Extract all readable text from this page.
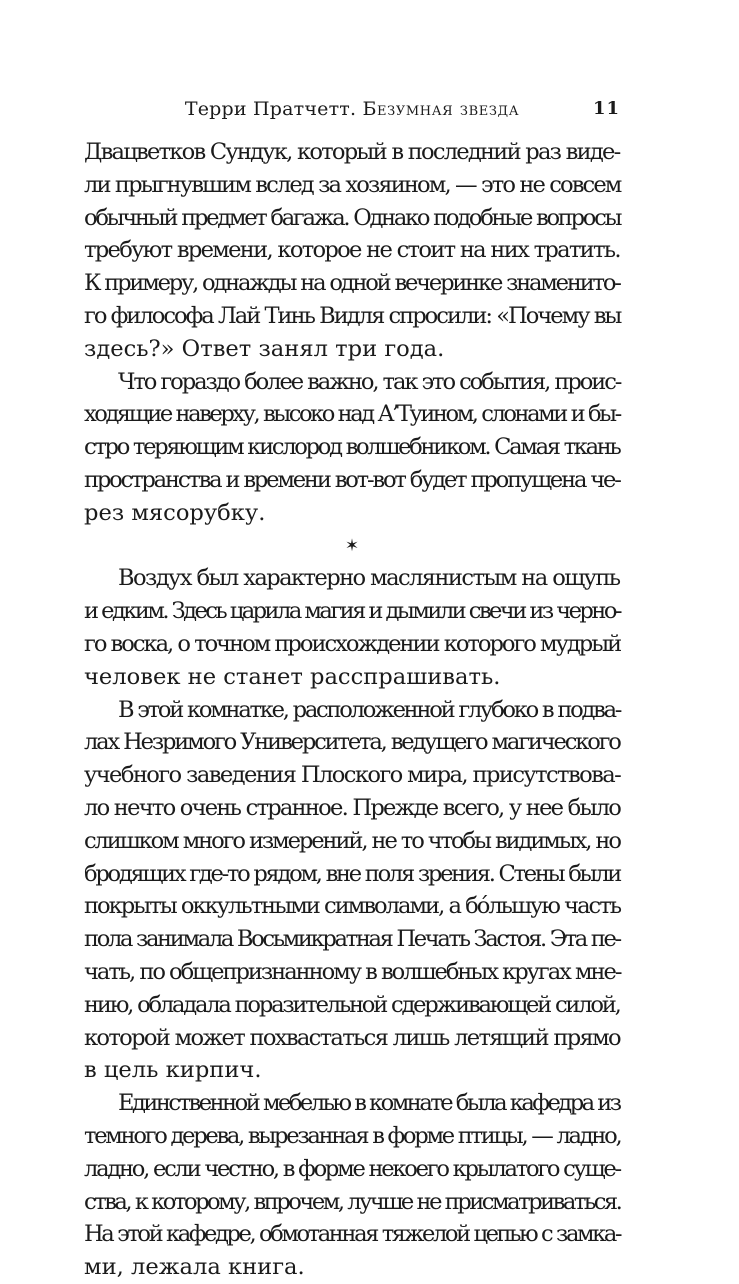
Терри Пратчетт. Безумная звезда	11

Двацветков Сундук, который в последний раз виде-
ли прыгнувшим вслед за хозяином, — это не совсем
обычный предмет багажа. Однако подобные вопросы
требуют времени, которое не стоит на них тратить.
К примеру, однажды на одной вечеринке знаменито-
го философа Лай Тинь Видля спросили: «Почему вы
здесь?» Ответ занял три года.

Что гораздо более важно, так это события, проис-
ходящие наверху, высоко над А’Туином, слонами и бы-
стро теряющим кислород волшебником. Самая ткань
пространства и времени вот-вот будет пропущена че-
рез мясорубку.

✶

Воздух был характерно маслянистым на ощупь
и едким. Здесь царила магия и дымили свечи из черно-
го воска, о точном происхождении которого мудрый
человек не станет расспрашивать.

В этой комнатке, расположенной глубоко в подва-
лах Незримого Университета, ведущего магического
учебного заведения Плоского мира, присутствова-
ло нечто очень странное. Прежде всего, у нее было
слишком много измерений, не то чтобы видимых, но
бродящих где-то рядом, вне поля зрения. Стены были
покрыты оккультными символами, а бóльшую часть
пола занимала Восьмикратная Печать Застоя. Эта пе-
чать, по общепризнанному в волшебных кругах мне-
нию, обладала поразительной сдерживающей силой,
которой может похвастаться лишь летящий прямо
в цель кирпич.

Единственной мебелью в комнате была кафедра из
темного дерева, вырезанная в форме птицы, — ладно,
ладно, если честно, в форме некоего крылатого суще-
ства, к которому, впрочем, лучше не присматриваться.
На этой кафедре, обмотанная тяжелой цепью с замка-
ми, лежала книга.
